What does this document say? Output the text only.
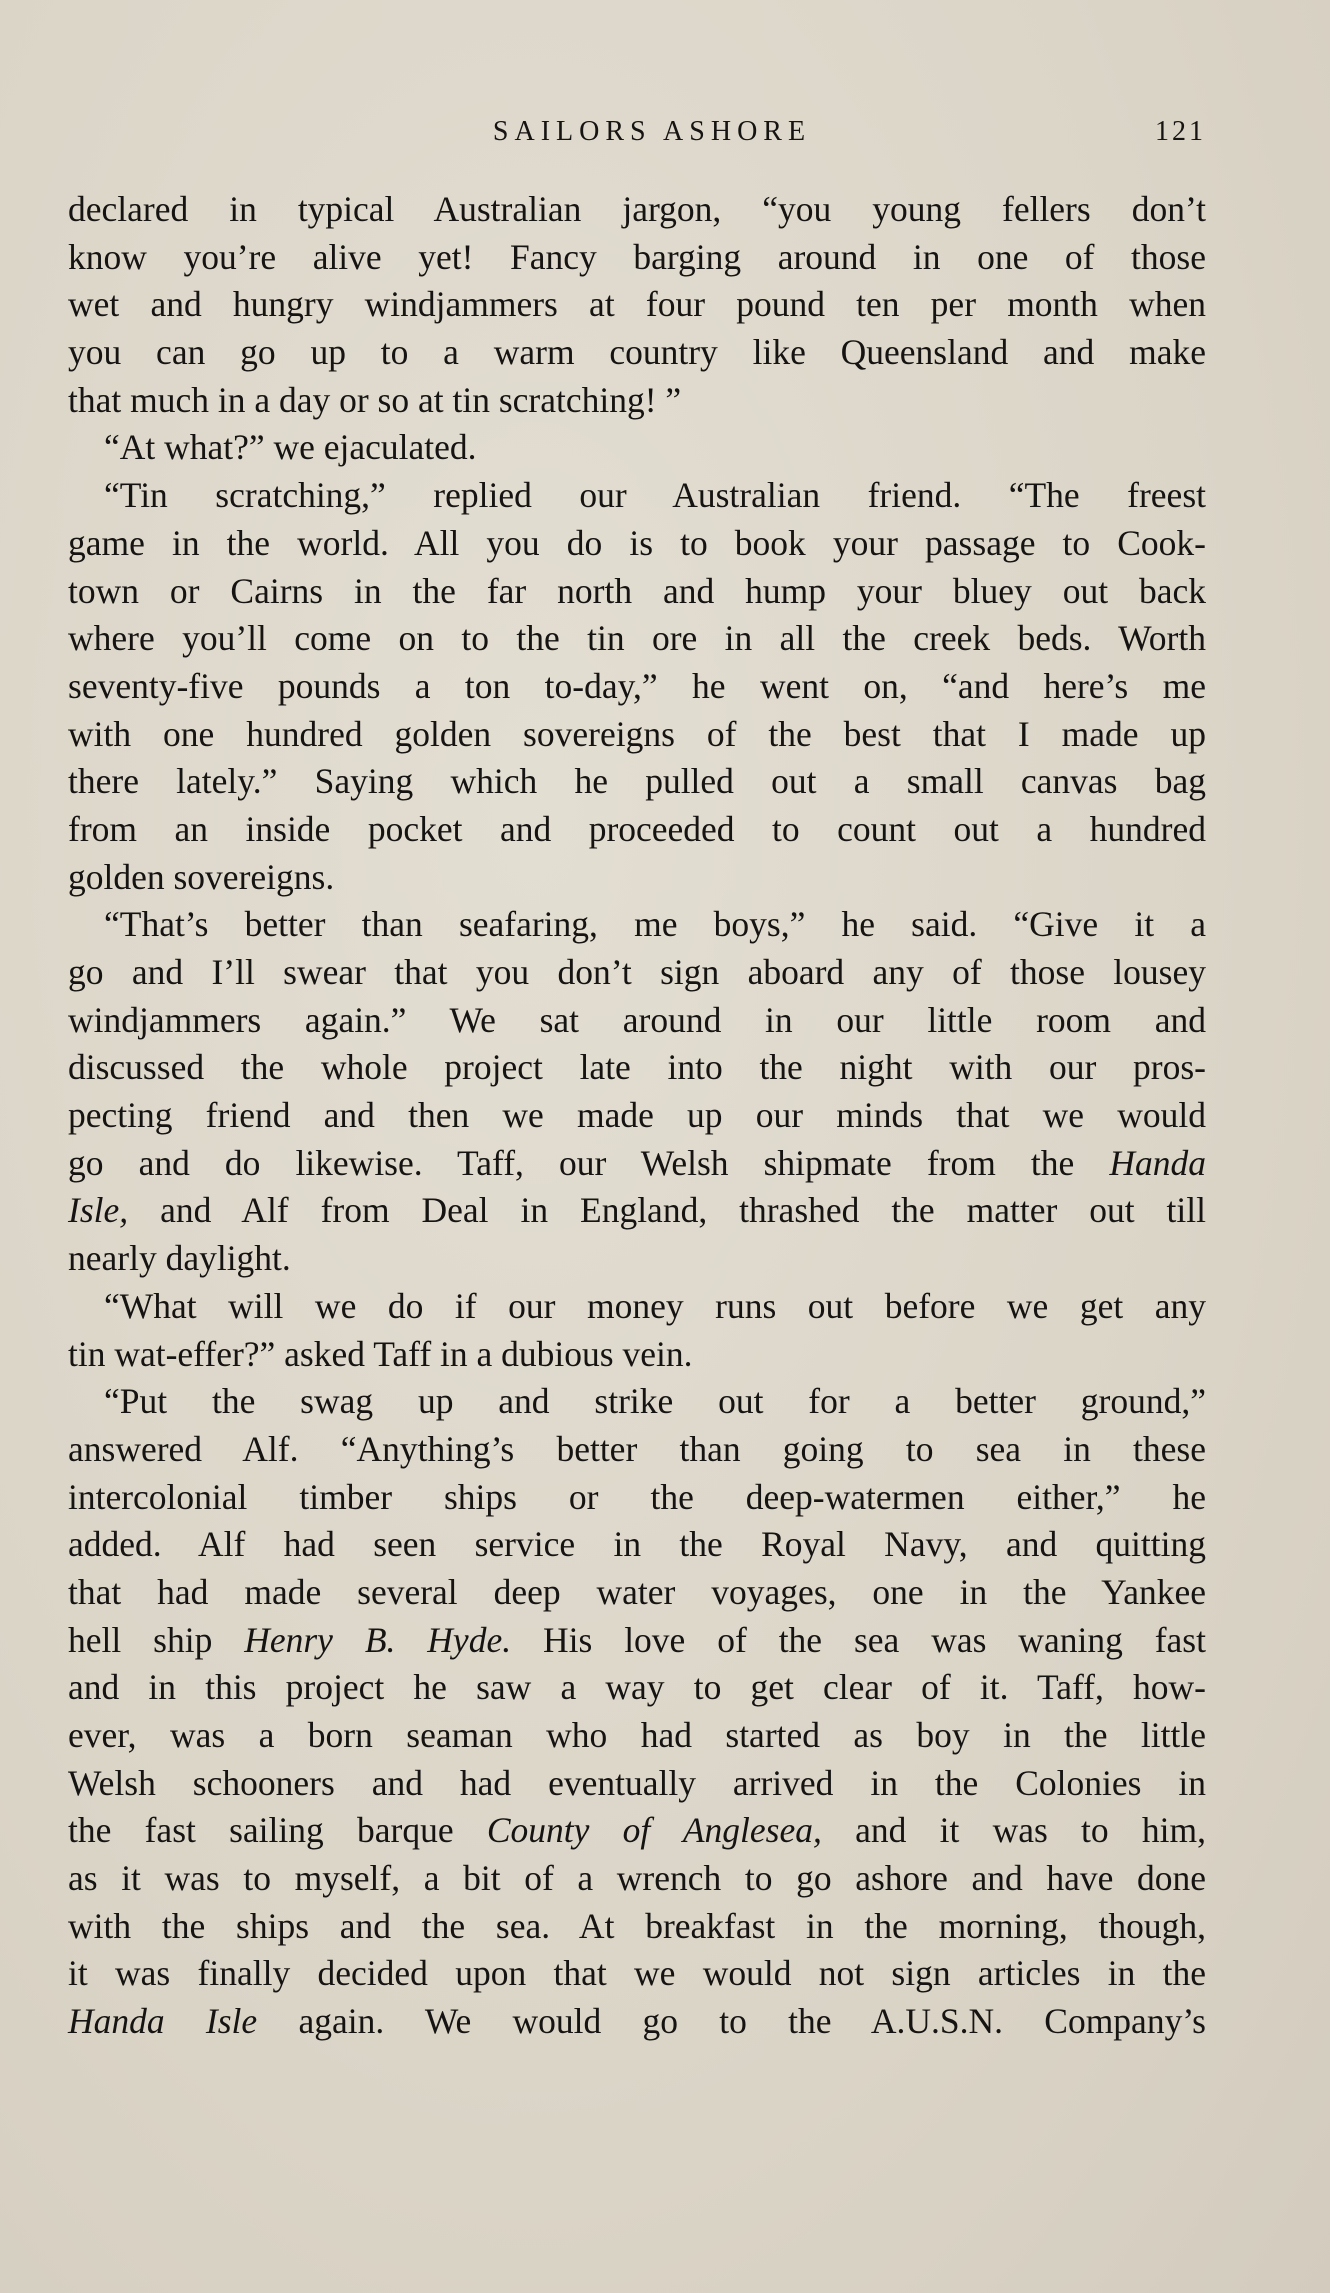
SAILORS ASHORE	121
declared in typical Australian jargon, “you young fellers don’t
know you’re alive yet! Fancy barging around in one of those
wet and hungry windjammers at four pound ten per month when
you can go up to a warm country like Queensland and make
that much in a day or so at tin scratching! ”
“At what?” we ejaculated.
“Tin scratching,” replied our Australian friend. “The freest
game in the world. All you do is to book your passage to Cook-
town or Cairns in the far north and hump your bluey out back
where you’ll come on to the tin ore in all the creek beds. Worth
seventy-five pounds a ton to-day,” he went on, “and here’s me
with one hundred golden sovereigns of the best that I made up
there lately.” Saying which he pulled out a small canvas bag
from an inside pocket and proceeded to count out a hundred
golden sovereigns.
“That’s better than seafaring, me boys,” he said. “Give it a
go and I’ll swear that you don’t sign aboard any of those lousey
windjammers again.” We sat around in our little room and
discussed the whole project late into the night with our pros-
pecting friend and then we made up our minds that we would
go and do likewise. Taff, our Welsh shipmate from the Handa
Isle, and Alf from Deal in England, thrashed the matter out till
nearly daylight.
“What will we do if our money runs out before we get any
tin wat-effer?” asked Taff in a dubious vein.
“Put the swag up and strike out for a better ground,”
answered Alf. “Anything’s better than going to sea in these
intercolonial timber ships or the deep-watermen either,” he
added. Alf had seen service in the Royal Navy, and quitting
that had made several deep water voyages, one in the Yankee
hell ship Henry B. Hyde. His love of the sea was waning fast
and in this project he saw a way to get clear of it. Taff, how-
ever, was a born seaman who had started as boy in the little
Welsh schooners and had eventually arrived in the Colonies in
the fast sailing barque County of Anglesea, and it was to him,
as it was to myself, a bit of a wrench to go ashore and have done
with the ships and the sea. At breakfast in the morning, though,
it was finally decided upon that we would not sign articles in the
Handa Isle again. We would go to the A.U.S.N. Company’s
